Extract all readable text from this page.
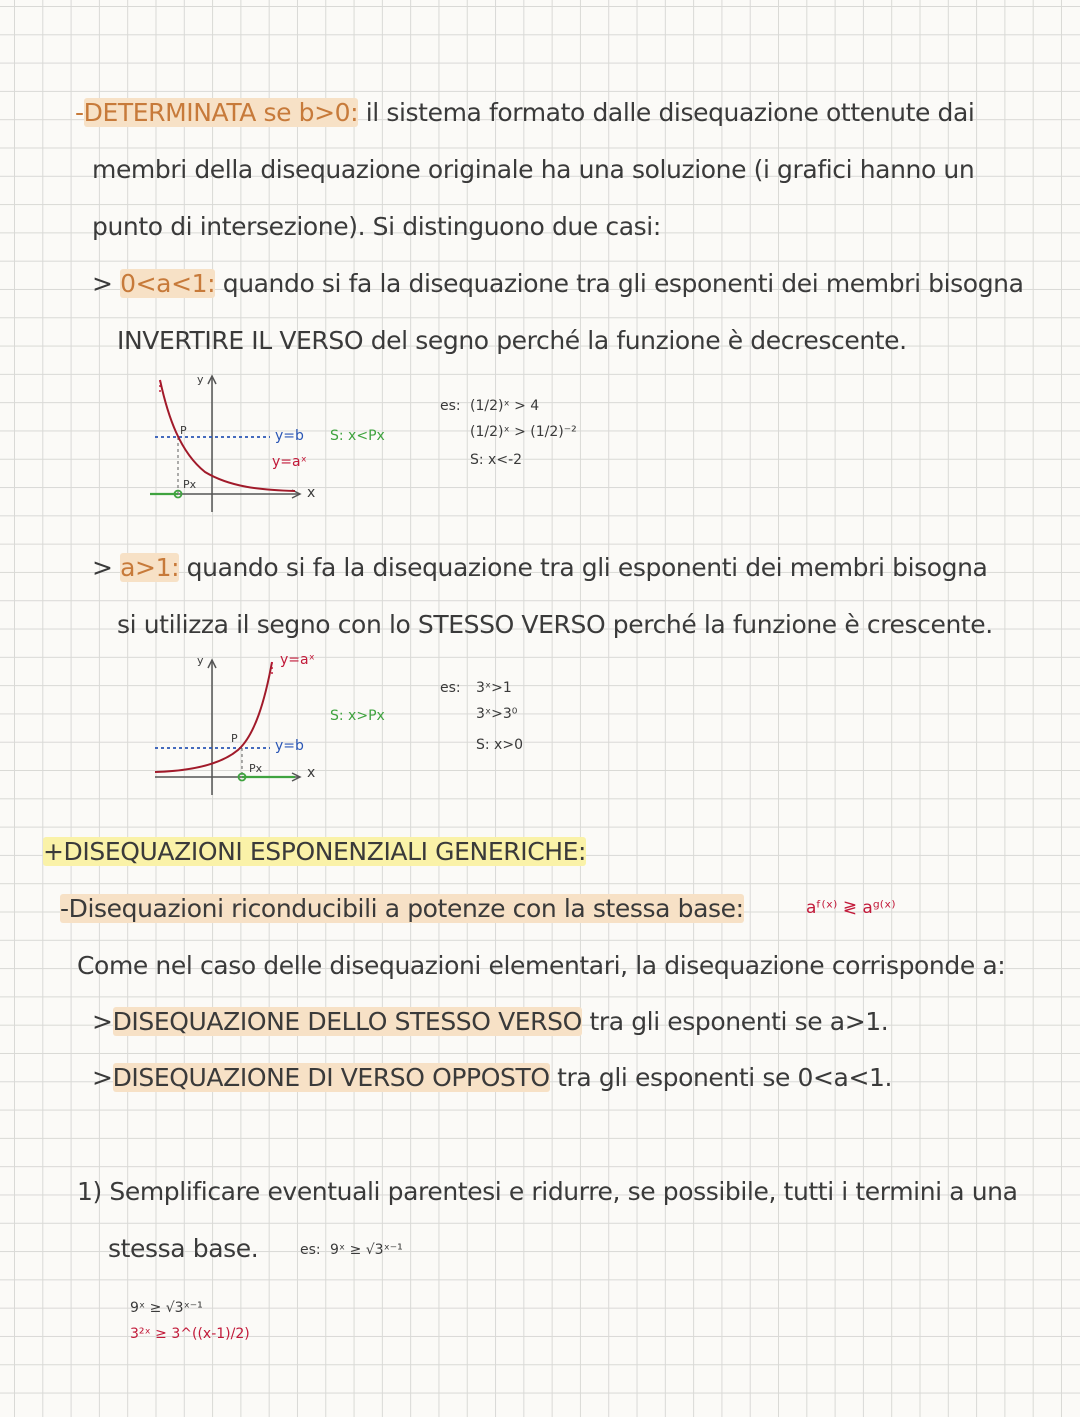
-DETERMINATA se b>0: il sistema formato dalle disequazione ottenute dai
membri della disequazione originale ha una soluzione (i grafici hanno un
punto di intersezione). Si distinguono due casi:
> 0<a<1: quando si fa la disequazione tra gli esponenti dei membri bisogna
INVERTIRE IL VERSO del segno perché la funzione è decrescente.
y
P
Px
y=b
y=aˣ
x
S: x<Px
es: (1/2)ˣ > 4
(1/2)ˣ > (1/2)⁻²
S: x<-2
> a>1: quando si fa la disequazione tra gli esponenti dei membri bisogna
si utilizza il segno con lo STESSO VERSO perché la funzione è crescente.
y
P
Px
y=b
y=aˣ
x
S: x>Px
es: 3ˣ>1
3ˣ>3⁰
S: x>0
+DISEQUAZIONI ESPONENZIALI GENERICHE:
-Disequazioni riconducibili a potenze con la stessa base:	aᶠ⁽ˣ⁾ ≷ aᵍ⁽ˣ⁾
Come nel caso delle disequazioni elementari, la disequazione corrisponde a:
>DISEQUAZIONE DELLO STESSO VERSO tra gli esponenti se a>1.
>DISEQUAZIONE DI VERSO OPPOSTO tra gli esponenti se 0<a<1.
1) Semplificare eventuali parentesi e ridurre, se possibile, tutti i termini a una
stessa base.	es: 9ˣ ≥ √3ˣ⁻¹
9ˣ ≥ √3ˣ⁻¹
3²ˣ ≥ 3^((x-1)/2)
